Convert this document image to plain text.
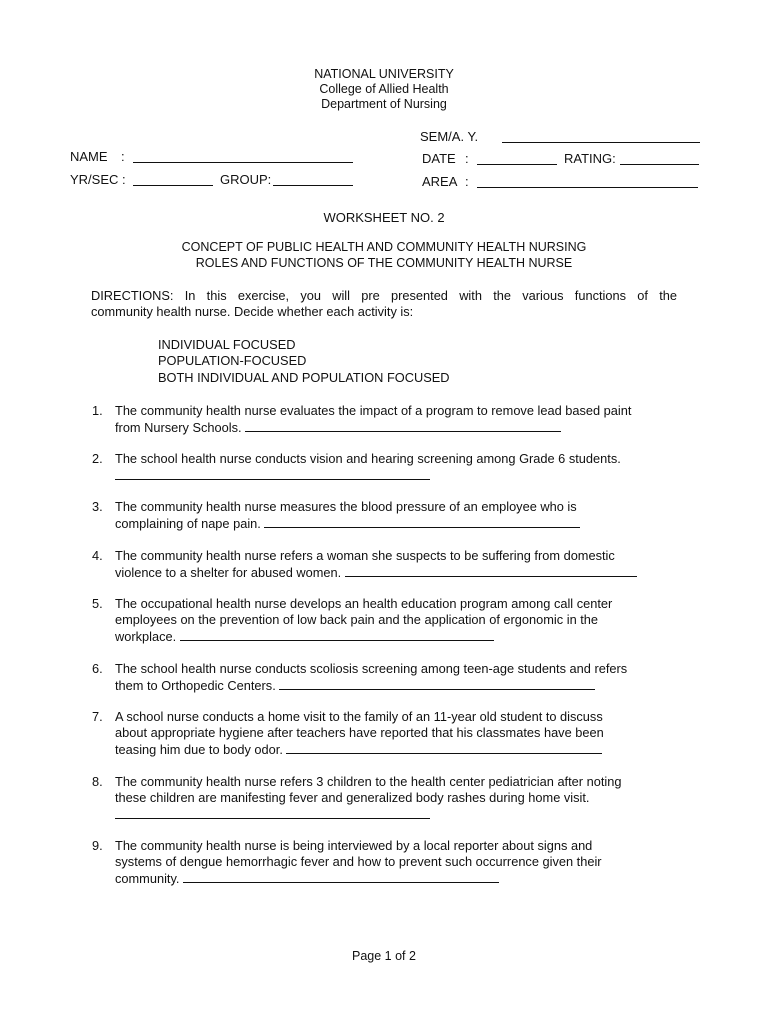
NATIONAL UNIVERSITY
College of Allied Health
Department of Nursing
SEM/A. Y.
NAME :	DATE :	RATING:
YR/SEC :	GROUP:	AREA :
WORKSHEET NO. 2
CONCEPT OF PUBLIC HEALTH AND COMMUNITY HEALTH NURSING
ROLES AND FUNCTIONS OF THE COMMUNITY HEALTH NURSE
DIRECTIONS: In this exercise, you will pre presented with the various functions of the
community health nurse. Decide whether each activity is:
INDIVIDUAL FOCUSED
POPULATION-FOCUSED
BOTH INDIVIDUAL AND POPULATION FOCUSED
1. The community health nurse evaluates the impact of a program to remove lead based paint
from Nursery Schools.
2. The school health nurse conducts vision and hearing screening among Grade 6 students.
3. The community health nurse measures the blood pressure of an employee who is
complaining of nape pain.
4. The community health nurse refers a woman she suspects to be suffering from domestic
violence to a shelter for abused women.
5. The occupational health nurse develops an health education program among call center
employees on the prevention of low back pain and the application of ergonomic in the
workplace.
6. The school health nurse conducts scoliosis screening among teen-age students and refers
them to Orthopedic Centers.
7. A school nurse conducts a home visit to the family of an 11-year old student to discuss
about appropriate hygiene after teachers have reported that his classmates have been
teasing him due to body odor.
8. The community health nurse refers 3 children to the health center pediatrician after noting
these children are manifesting fever and generalized body rashes during home visit.
9. The community health nurse is being interviewed by a local reporter about signs and
systems of dengue hemorrhagic fever and how to prevent such occurrence given their
community.
Page 1 of 2
